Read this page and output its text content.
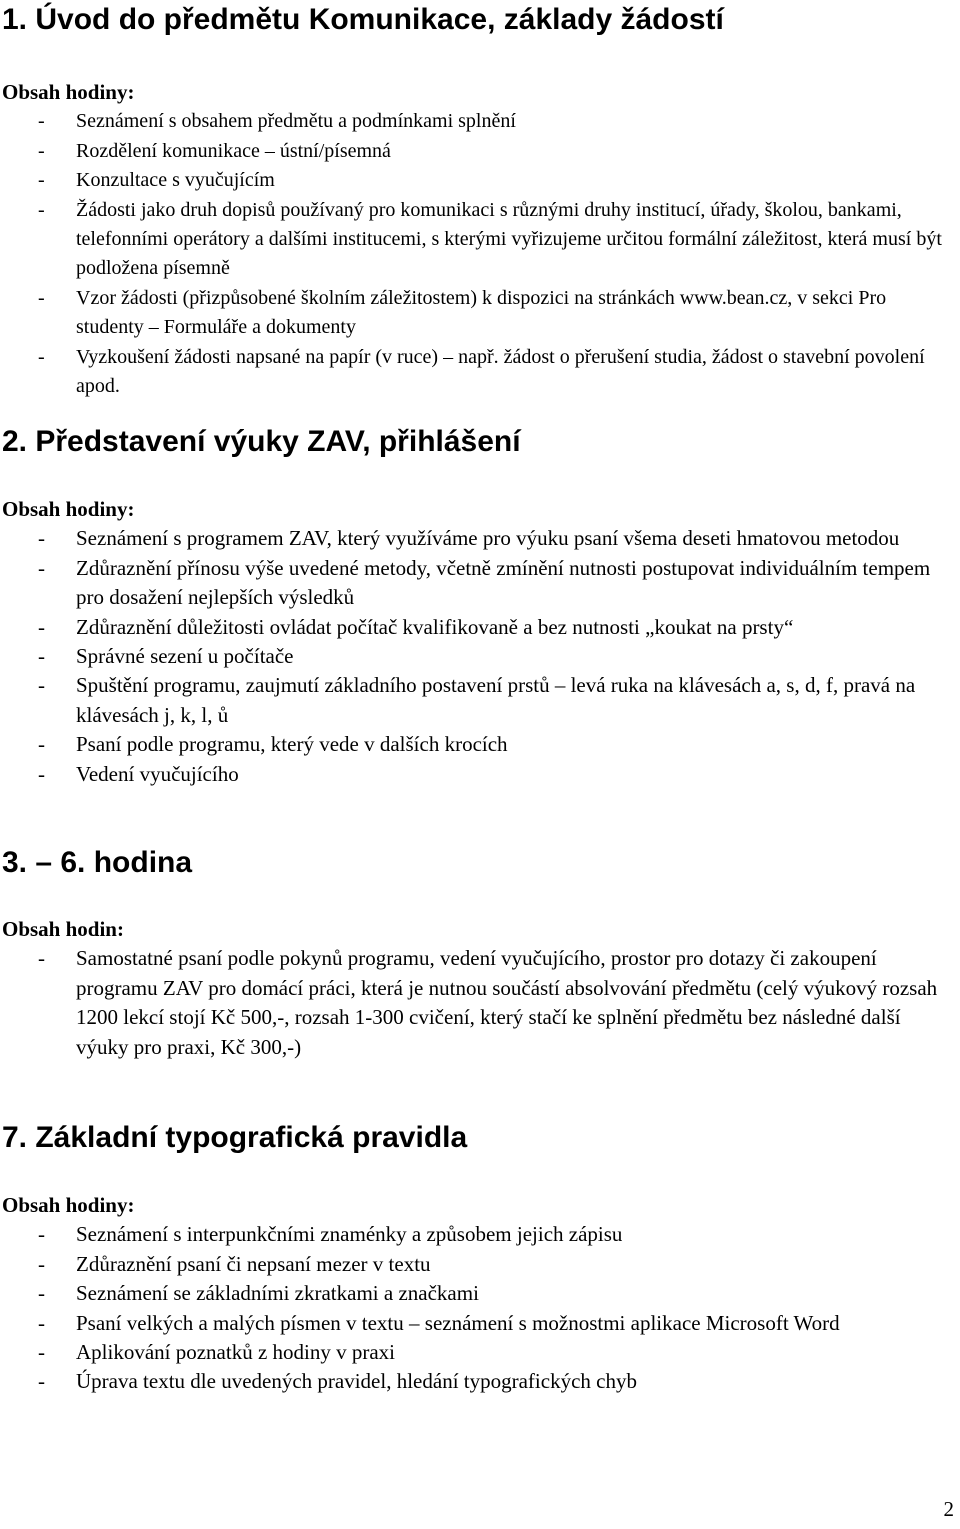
1. Úvod do předmětu Komunikace, základy žádostí

Obsah hodiny:

- Seznámení s obsahem předmětu a podmínkami splnění
- Rozdělení komunikace – ústní/písemná
- Konzultace s vyučujícím
- Žádosti jako druh dopisů používaný pro komunikaci s různými druhy institucí, úřady, školou, bankami, telefonními operátory a dalšími institucemi, s kterými vyřizujeme určitou formální záležitost, která musí být podložena písemně
- Vzor žádosti (přizpůsobené školním záležitostem) k dispozici na stránkách www.bean.cz, v sekci Pro studenty – Formuláře a dokumenty
- Vyzkoušení žádosti napsané na papír (v ruce) – např. žádost o přerušení studia, žádost o stavební povolení apod.
2. Představení výuky ZAV, přihlášení

Obsah hodiny:

- Seznámení s programem ZAV, který využíváme pro výuku psaní všema deseti hmatovou metodou
- Zdůraznění přínosu výše uvedené metody, včetně zmínění nutnosti postupovat individuálním tempem pro dosažení nejlepších výsledků
- Zdůraznění důležitosti ovládat počítač kvalifikovaně a bez nutnosti „koukat na prsty“
- Správné sezení u počítače
- Spuštění programu, zaujmutí základního postavení prstů – levá ruka na klávesách a, s, d, f, pravá na klávesách j, k, l, ů
- Psaní podle programu, který vede v dalších krocích
- Vedení vyučujícího
3. – 6. hodina

Obsah hodin:

- Samostatné psaní podle pokynů programu, vedení vyučujícího, prostor pro dotazy či zakoupení programu ZAV pro domácí práci, která je nutnou součástí absolvování předmětu (celý výukový rozsah 1200 lekcí stojí Kč 500,-, rozsah 1-300 cvičení, který stačí ke splnění předmětu bez následné další výuky pro praxi, Kč 300,-)
7. Základní typografická pravidla

Obsah hodiny:

- Seznámení s interpunkčními znaménky a způsobem jejich zápisu
- Zdůraznění psaní či nepsaní mezer v textu
- Seznámení se základními zkratkami a značkami
- Psaní velkých a malých písmen v textu – seznámení s možnostmi aplikace Microsoft Word
- Aplikování poznatků z hodiny v praxi
- Úprava textu dle uvedených pravidel, hledání typografických chyb
2
